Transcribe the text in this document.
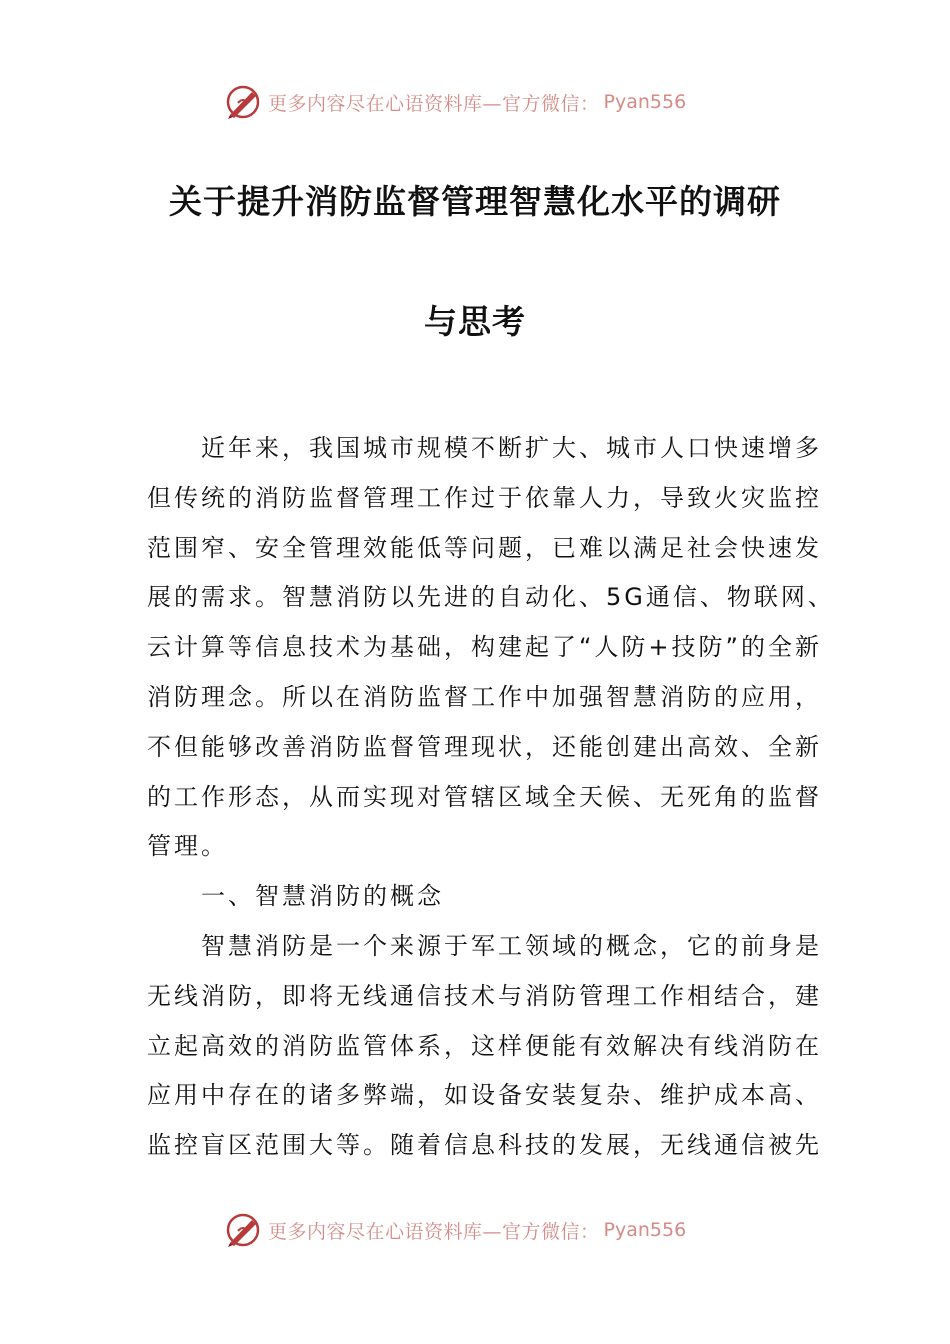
更多内容尽在心语资料库—官方微信： Pyan556
关于提升消防监督管理智慧化水平的调研
与思考
近年来，我国城市规模不断扩大、城市人口快速增多
但传统的消防监督管理工作过于依靠人力，导致火灾监控
范围窄、安全管理效能低等问题，已难以满足社会快速发
展的需求。智慧消防以先进的自动化、5G通信、物联网、
云计算等信息技术为基础，构建起了“人防+技防”的全新
消防理念。所以在消防监督工作中加强智慧消防的应用，
不但能够改善消防监督管理现状，还能创建出高效、全新
的工作形态，从而实现对管辖区域全天候、无死角的监督
管理。
一、智慧消防的概念
智慧消防是一个来源于军工领域的概念，它的前身是
无线消防，即将无线通信技术与消防管理工作相结合，建
立起高效的消防监管体系，这样便能有效解决有线消防在
应用中存在的诸多弊端，如设备安装复杂、维护成本高、
监控盲区范围大等。随着信息科技的发展，无线通信被先
更多内容尽在心语资料库—官方微信： Pyan556
